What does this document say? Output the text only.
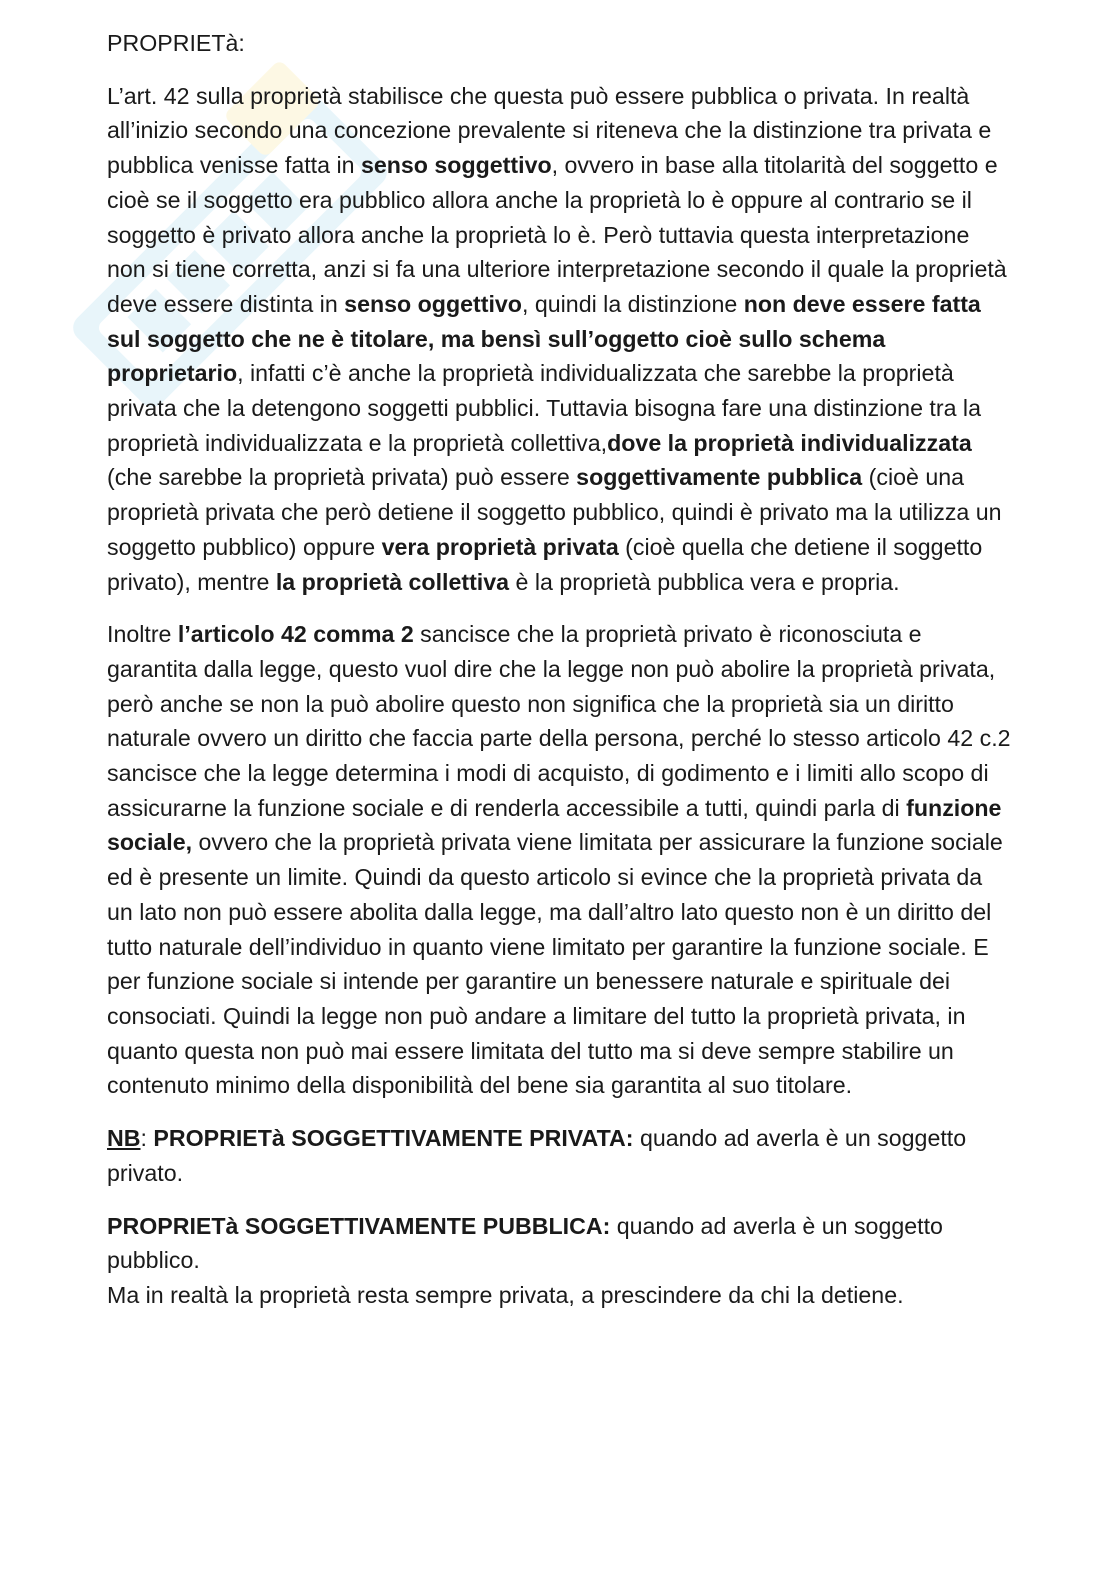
PROPRIETà:

L’art. 42 sulla proprietà stabilisce che questa può essere pubblica o privata. In realtà all’inizio secondo una concezione prevalente si riteneva che la distinzione tra privata e pubblica venisse fatta in senso soggettivo, ovvero in base alla titolarità del soggetto e cioè se il soggetto era pubblico allora anche la proprietà lo è oppure al contrario se il soggetto è privato allora anche la proprietà lo è. Però tuttavia questa interpretazione non si tiene corretta, anzi si fa una ulteriore interpretazione secondo il quale la proprietà deve essere distinta in senso oggettivo, quindi la distinzione non deve essere fatta sul soggetto che ne è titolare, ma bensì sull’oggetto cioè sullo schema proprietario, infatti c’è anche la proprietà individualizzata che sarebbe la proprietà privata che la detengono soggetti pubblici. Tuttavia bisogna fare una distinzione tra la proprietà individualizzata e la proprietà collettiva,dove la proprietà individualizzata (che sarebbe la proprietà privata) può essere soggettivamente pubblica (cioè una proprietà privata che però detiene il soggetto pubblico, quindi è privato ma la utilizza un soggetto pubblico) oppure vera proprietà privata (cioè quella che detiene il soggetto privato), mentre la proprietà collettiva è la proprietà pubblica vera e propria.

Inoltre l’articolo 42 comma 2 sancisce che la proprietà privato è riconosciuta e garantita dalla legge, questo vuol dire che la legge non può abolire la proprietà privata, però anche se non la può abolire questo non significa che la proprietà sia un diritto naturale ovvero un diritto che faccia parte della persona, perché lo stesso articolo 42 c.2 sancisce che la legge determina i modi di acquisto, di godimento e i limiti allo scopo di assicurarne la funzione sociale e di renderla accessibile a tutti, quindi parla di funzione sociale, ovvero che la proprietà privata viene limitata per assicurare la funzione sociale ed è presente un limite. Quindi da questo articolo si evince che la proprietà privata da un lato non può essere abolita dalla legge, ma dall’altro lato questo non è un diritto del tutto naturale dell’individuo in quanto viene limitato per garantire la funzione sociale. E per funzione sociale si intende per garantire un benessere naturale e spirituale dei consociati. Quindi la legge non può andare a limitare del tutto la proprietà privata, in quanto questa non può mai essere limitata del tutto ma si deve sempre stabilire un contenuto minimo della disponibilità del bene sia garantita al suo titolare.

NB: PROPRIETà SOGGETTIVAMENTE PRIVATA: quando ad averla è un soggetto privato.

PROPRIETà SOGGETTIVAMENTE PUBBLICA: quando ad averla è un soggetto pubblico.

Ma in realtà la proprietà resta sempre privata, a prescindere da chi la detiene.
